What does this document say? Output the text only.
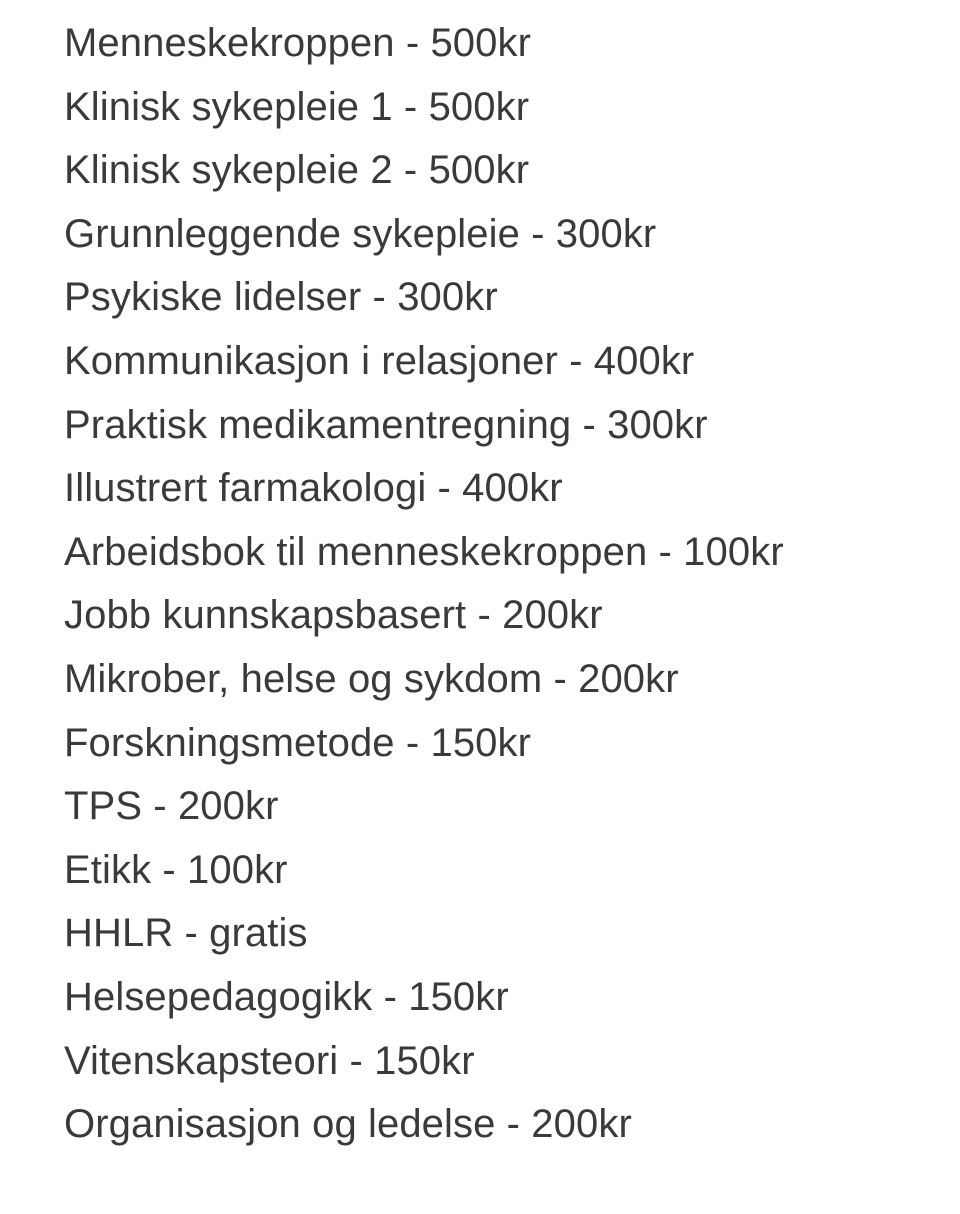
Menneskekroppen - 500kr
Klinisk sykepleie 1 - 500kr
Klinisk sykepleie 2 - 500kr
Grunnleggende sykepleie - 300kr
Psykiske lidelser - 300kr
Kommunikasjon i relasjoner - 400kr
Praktisk medikamentregning - 300kr
Illustrert farmakologi - 400kr
Arbeidsbok til menneskekroppen - 100kr
Jobb kunnskapsbasert - 200kr
Mikrober, helse og sykdom - 200kr
Forskningsmetode - 150kr
TPS - 200kr
Etikk - 100kr
HHLR - gratis
Helsepedagogikk - 150kr
Vitenskapsteori - 150kr
Organisasjon og ledelse - 200kr
